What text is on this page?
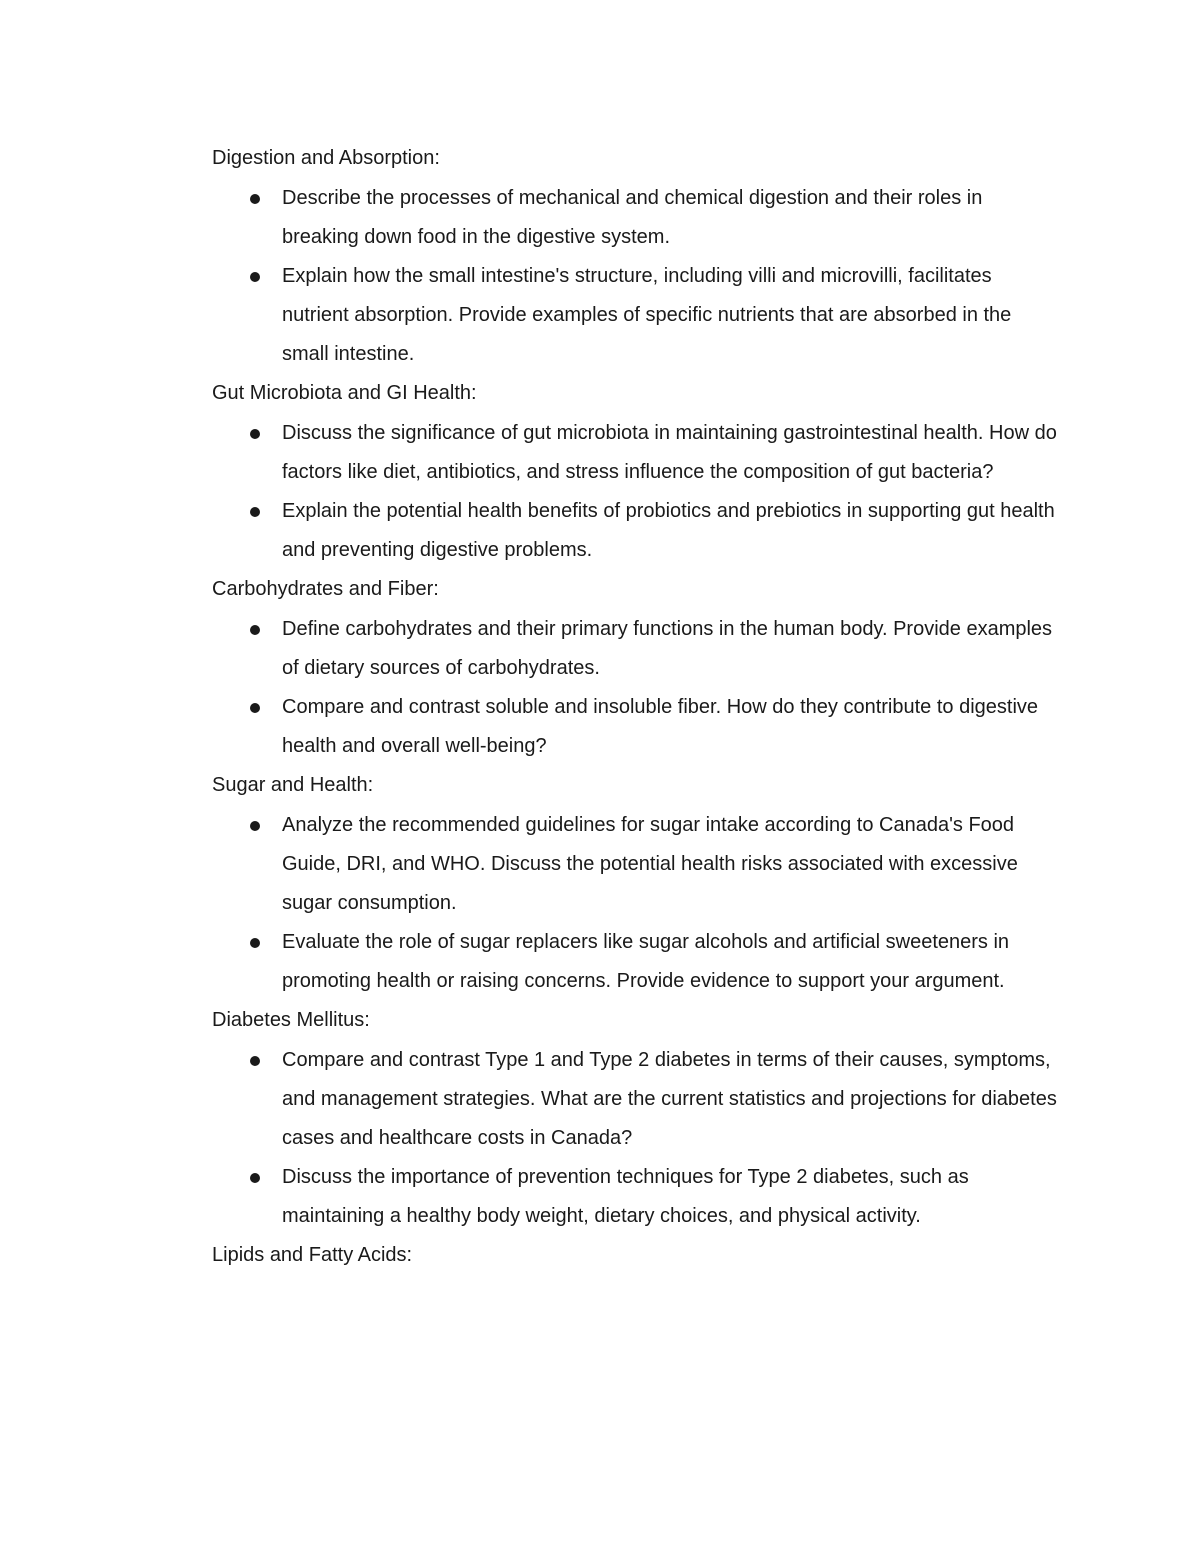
Digestion and Absorption:

Describe the processes of mechanical and chemical digestion and their roles in breaking down food in the digestive system.
Explain how the small intestine's structure, including villi and microvilli, facilitates nutrient absorption. Provide examples of specific nutrients that are absorbed in the small intestine.

Gut Microbiota and GI Health:

Discuss the significance of gut microbiota in maintaining gastrointestinal health. How do factors like diet, antibiotics, and stress influence the composition of gut bacteria?
Explain the potential health benefits of probiotics and prebiotics in supporting gut health and preventing digestive problems.

Carbohydrates and Fiber:

Define carbohydrates and their primary functions in the human body. Provide examples of dietary sources of carbohydrates.
Compare and contrast soluble and insoluble fiber. How do they contribute to digestive health and overall well-being?

Sugar and Health:

Analyze the recommended guidelines for sugar intake according to Canada's Food Guide, DRI, and WHO. Discuss the potential health risks associated with excessive sugar consumption.
Evaluate the role of sugar replacers like sugar alcohols and artificial sweeteners in promoting health or raising concerns. Provide evidence to support your argument.

Diabetes Mellitus:

Compare and contrast Type 1 and Type 2 diabetes in terms of their causes, symptoms, and management strategies. What are the current statistics and projections for diabetes cases and healthcare costs in Canada?
Discuss the importance of prevention techniques for Type 2 diabetes, such as maintaining a healthy body weight, dietary choices, and physical activity.

Lipids and Fatty Acids:
